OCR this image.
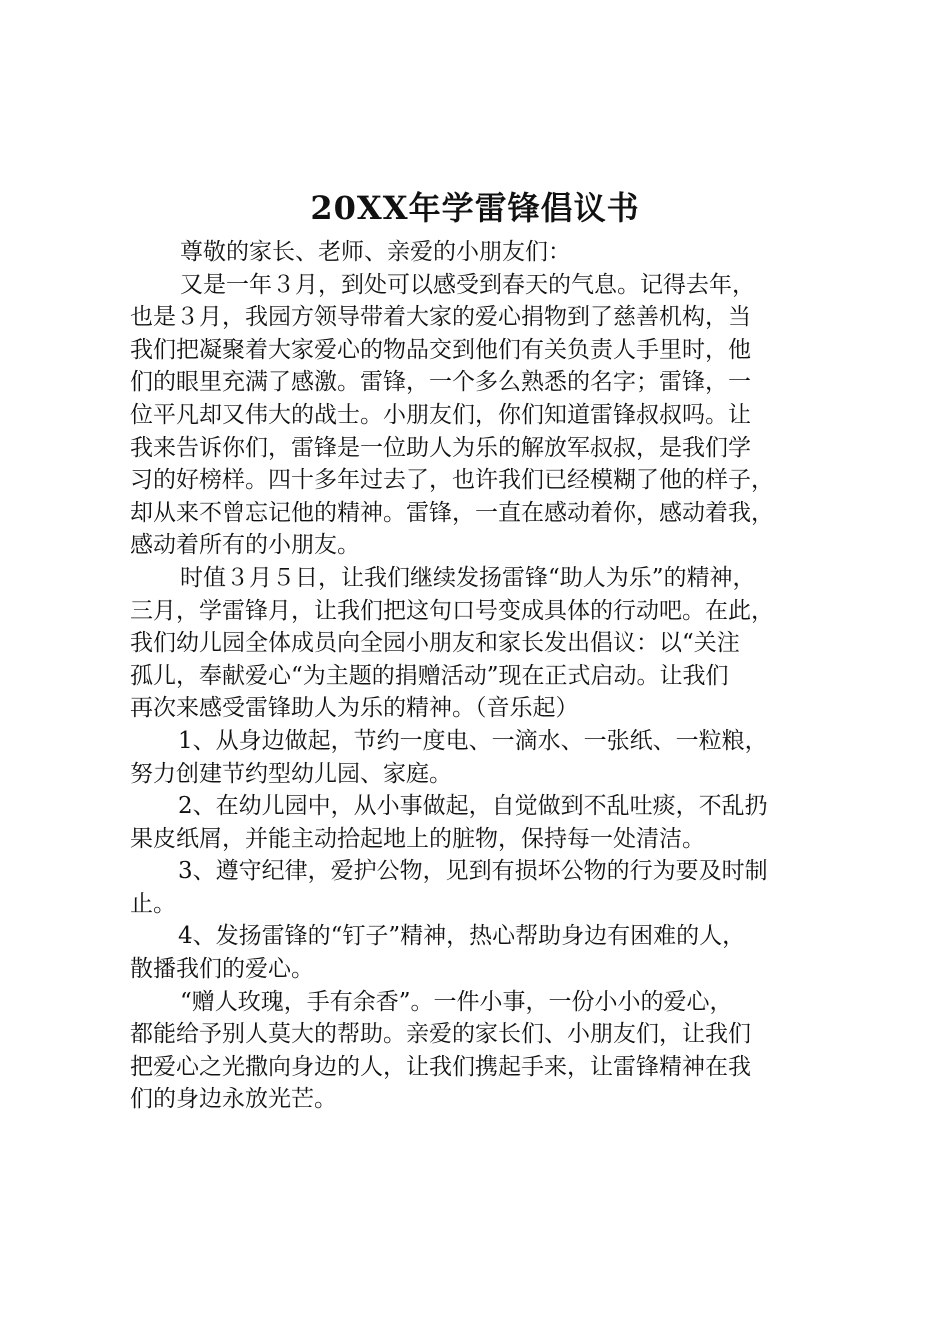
20XX年学雷锋倡议书
尊敬的家长、老师、亲爱的小朋友们：
又是一年３月，到处可以感受到春天的气息。记得去年，
也是３月，我园方领导带着大家的爱心捐物到了慈善机构，当
我们把凝聚着大家爱心的物品交到他们有关负责人手里时，他
们的眼里充满了感激。雷锋，一个多么熟悉的名字；雷锋，一
位平凡却又伟大的战士。小朋友们，你们知道雷锋叔叔吗。让
我来告诉你们，雷锋是一位助人为乐的解放军叔叔，是我们学
习的好榜样。四十多年过去了，也许我们已经模糊了他的样子，
却从来不曾忘记他的精神。雷锋，一直在感动着你，感动着我，
感动着所有的小朋友。
时值３月５日，让我们继续发扬雷锋“助人为乐”的精神，
三月，学雷锋月，让我们把这句口号变成具体的行动吧。在此，
我们幼儿园全体成员向全园小朋友和家长发出倡议：以“关注
孤儿，奉献爱心“为主题的捐赠活动”现在正式启动。让我们
再次来感受雷锋助人为乐的精神。（音乐起）
1、从身边做起，节约一度电、一滴水、一张纸、一粒粮，
努力创建节约型幼儿园、家庭。
2、在幼儿园中，从小事做起，自觉做到不乱吐痰，不乱扔
果皮纸屑，并能主动拾起地上的脏物，保持每一处清洁。
3、遵守纪律，爱护公物，见到有损坏公物的行为要及时制
止。
4、发扬雷锋的“钉子”精神，热心帮助身边有困难的人，
散播我们的爱心。
“赠人玫瑰，手有余香”。一件小事，一份小小的爱心，
都能给予别人莫大的帮助。亲爱的家长们、小朋友们，让我们
把爱心之光撒向身边的人，让我们携起手来，让雷锋精神在我
们的身边永放光芒。
